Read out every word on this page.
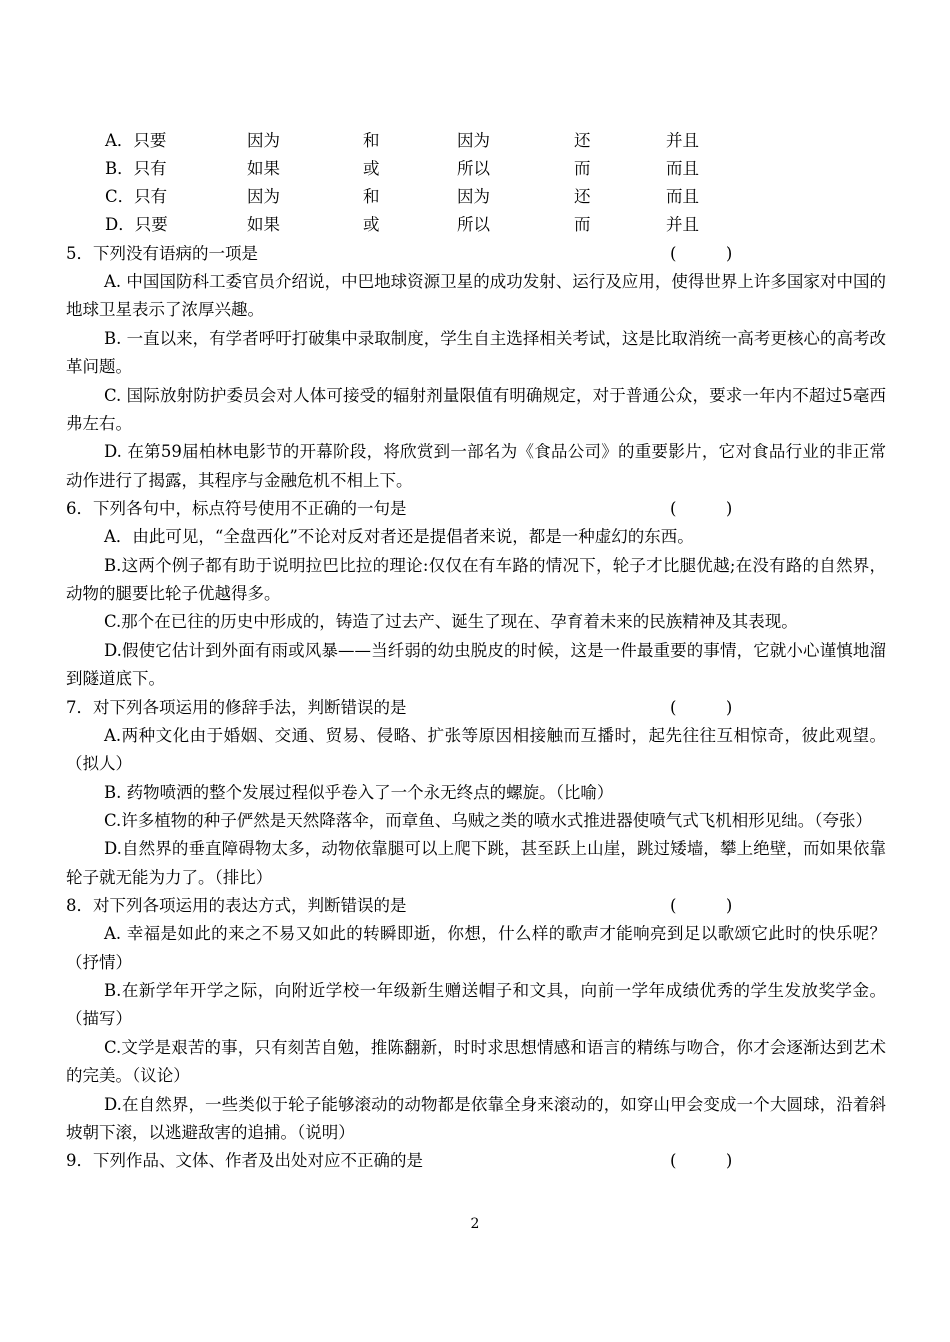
A．只要	因为	和	因为	还	并且
B．只有	如果	或	所以	而	而且
C．只有	因为	和	因为	还	而且
D．只要	如果	或	所以	而	并且
5．下列没有语病的一项是	(　　　)

A. 中国国防科工委官员介绍说，中巴地球资源卫星的成功发射、运行及应用，使得世界上许多国家对中国的地球卫星表示了浓厚兴趣。

B. 一直以来，有学者呼吁打破集中录取制度，学生自主选择相关考试，这是比取消统一高考更核心的高考改革问题。

C. 国际放射防护委员会对人体可接受的辐射剂量限值有明确规定，对于普通公众，要求一年内不超过5毫西弗左右。

D. 在第59届柏林电影节的开幕阶段，将欣赏到一部名为《食品公司》的重要影片，它对食品行业的非正常动作进行了揭露，其程序与金融危机不相上下。

6．下列各句中，标点符号使用不正确的一句是	(　　　)

A．由此可见，“全盘西化”不论对反对者还是提倡者来说，都是一种虚幻的东西。

B.这两个例子都有助于说明拉巴比拉的理论:仅仅在有车路的情况下，轮子才比腿优越;在没有路的自然界，动物的腿要比轮子优越得多。

C.那个在已往的历史中形成的，铸造了过去产、诞生了现在、孕育着未来的民族精神及其表现。

D.假使它估计到外面有雨或风暴——当纤弱的幼虫脱皮的时候，这是一件最重要的事情，它就小心谨慎地溜到隧道底下。

7．对下列各项运用的修辞手法，判断错误的是	(　　　)

A.两种文化由于婚姻、交通、贸易、侵略、扩张等原因相接触而互播时，起先往往互相惊奇，彼此观望。（拟人）

B. 药物喷洒的整个发展过程似乎卷入了一个永无终点的螺旋。（比喻）

C.许多植物的种子俨然是天然降落伞，而章鱼、乌贼之类的喷水式推进器使喷气式飞机相形见绌。（夸张）

D.自然界的垂直障碍物太多，动物依靠腿可以上爬下跳，甚至跃上山崖，跳过矮墙，攀上绝壁，而如果依靠轮子就无能为力了。（排比）

8．对下列各项运用的表达方式，判断错误的是	(　　　)

A. 幸福是如此的来之不易又如此的转瞬即逝，你想，什么样的歌声才能响亮到足以歌颂它此时的快乐呢？（抒情）

B.在新学年开学之际，向附近学校一年级新生赠送帽子和文具，向前一学年成绩优秀的学生发放奖学金。（描写）

C.文学是艰苦的事，只有刻苦自勉，推陈翻新，时时求思想情感和语言的精练与吻合，你才会逐渐达到艺术的完美。（议论）

D.在自然界，一些类似于轮子能够滚动的动物都是依靠全身来滚动的，如穿山甲会变成一个大圆球，沿着斜坡朝下滚，以逃避敌害的追捕。（说明）

9．下列作品、文体、作者及出处对应不正确的是	(　　　)
2
